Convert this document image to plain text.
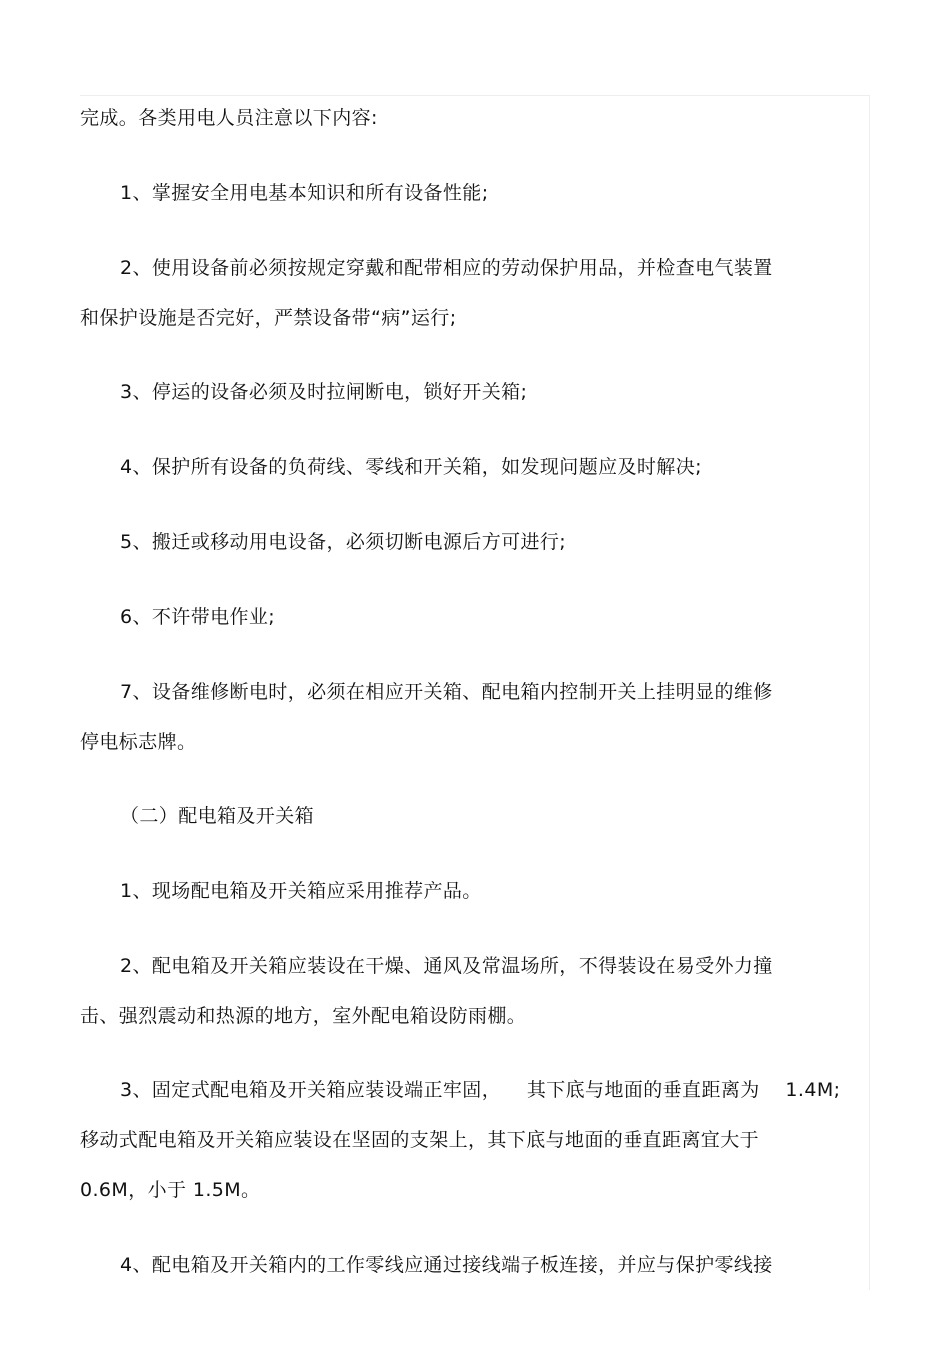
完成。各类用电人员注意以下内容:
1、掌握安全用电基本知识和所有设备性能;
2、使用设备前必须按规定穿戴和配带相应的劳动保护用品，并检查电气装置
和保护设施是否完好，严禁设备带“病”运行;
3、停运的设备必须及时拉闸断电，锁好开关箱;
4、保护所有设备的负荷线、零线和开关箱，如发现问题应及时解决;
5、搬迁或移动用电设备，必须切断电源后方可进行;
6、不许带电作业;
7、设备维修断电时，必须在相应开关箱、配电箱内控制开关上挂明显的维修
停电标志牌。
（二）配电箱及开关箱
1、现场配电箱及开关箱应采用推荐产品。
2、配电箱及开关箱应装设在干燥、通风及常温场所，不得装设在易受外力撞
击、强烈震动和热源的地方，室外配电箱设防雨棚。
3、固定式配电箱及开关箱应装设端正牢固，    其下底与地面的垂直距离为    1.4M;
移动式配电箱及开关箱应装设在坚固的支架上，其下底与地面的垂直距离宜大于
0.6M，小于 1.5M。
4、配电箱及开关箱内的工作零线应通过接线端子板连接，并应与保护零线接
